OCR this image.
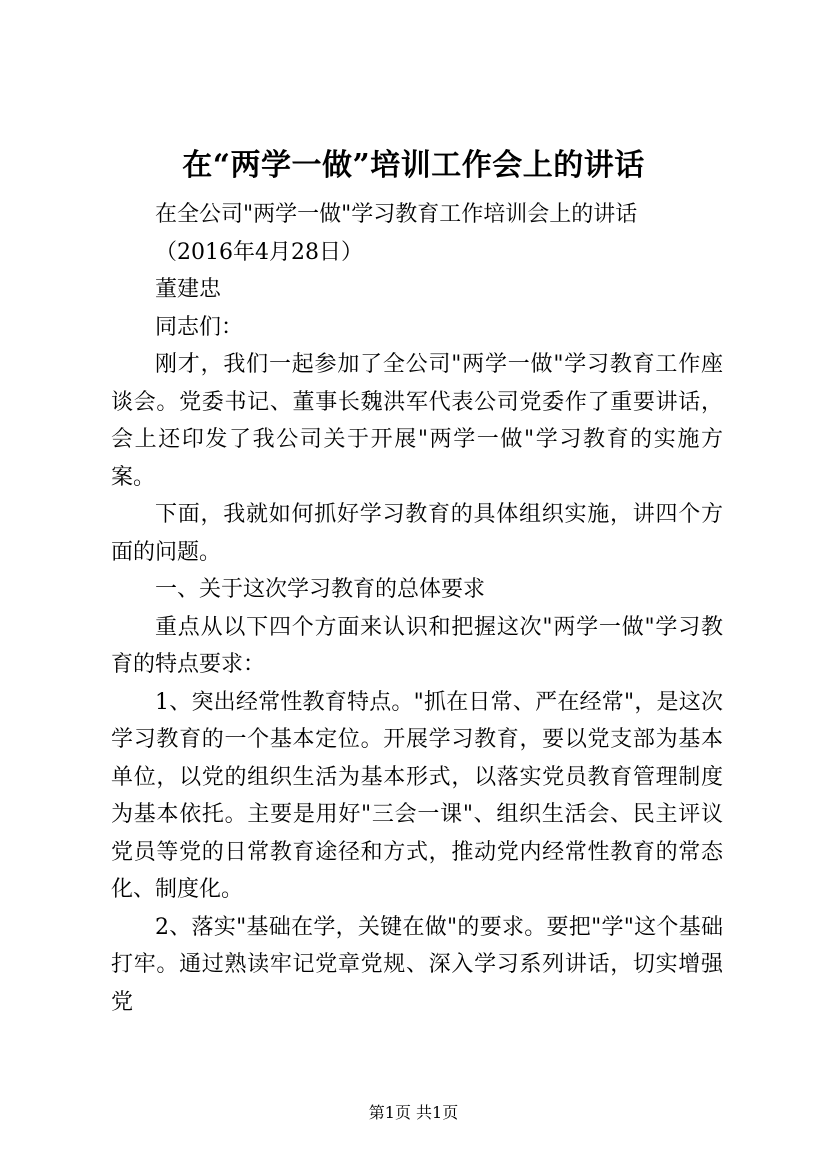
在“两学一做”培训工作会上的讲话

在全公司"两学一做"学习教育工作培训会上的讲话

（2016年4月28日）

董建忠

同志们：

刚才，我们一起参加了全公司"两学一做"学习教育工作座谈会。党委书记、董事长魏洪军代表公司党委作了重要讲话，会上还印发了我公司关于开展"两学一做"学习教育的实施方案。

下面，我就如何抓好学习教育的具体组织实施，讲四个方面的问题。

一、关于这次学习教育的总体要求

重点从以下四个方面来认识和把握这次"两学一做"学习教育的特点要求：

1、突出经常性教育特点。"抓在日常、严在经常"，是这次学习教育的一个基本定位。开展学习教育，要以党支部为基本单位，以党的组织生活为基本形式，以落实党员教育管理制度为基本依托。主要是用好"三会一课"、组织生活会、民主评议党员等党的日常教育途径和方式，推动党内经常性教育的常态化、制度化。

2、落实"基础在学，关键在做"的要求。要把"学"这个基础打牢。通过熟读牢记党章党规、深入学习系列讲话，切实增强党

第1页 共1页
